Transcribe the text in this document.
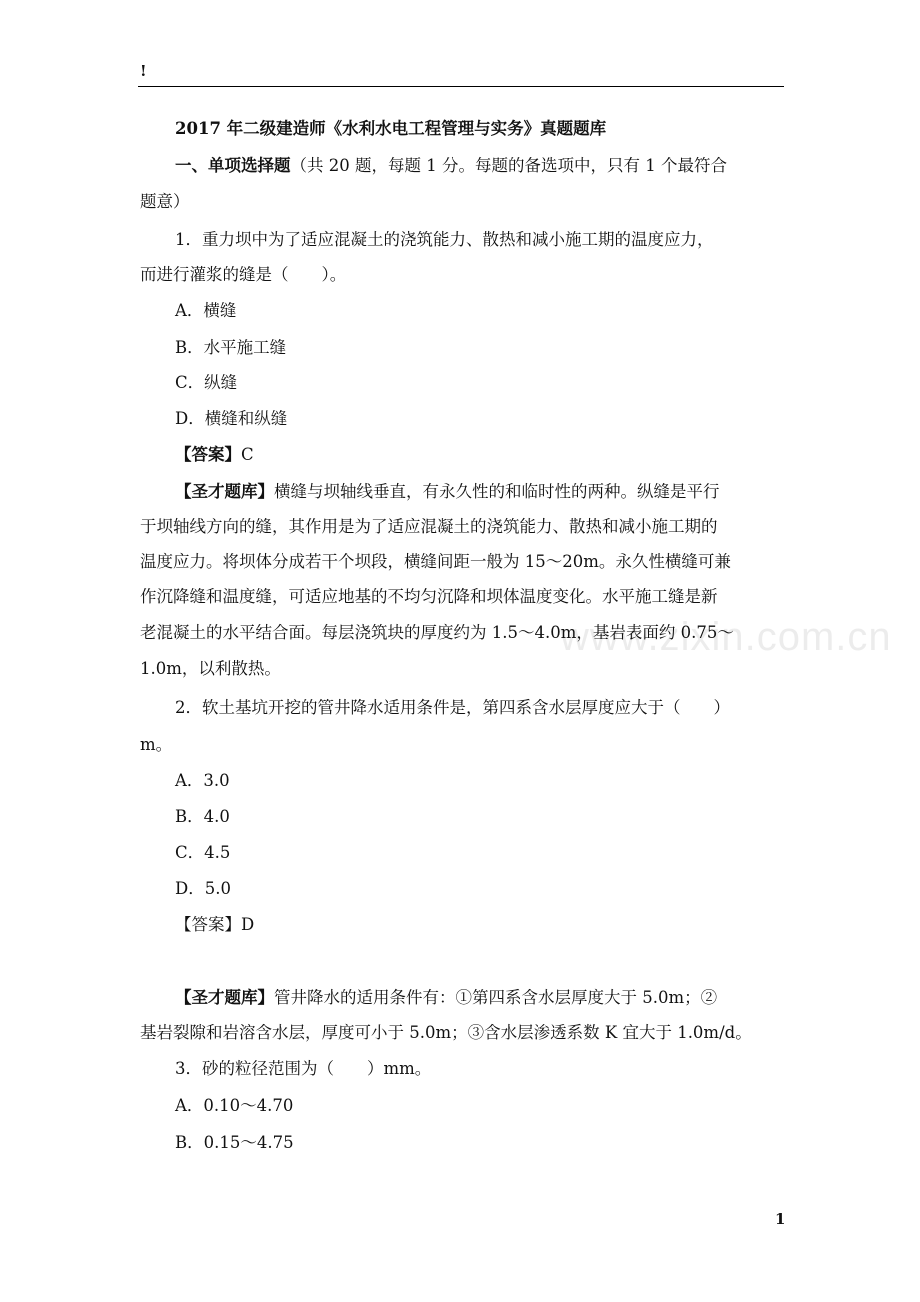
!
www.zixin.com.cn
2017 年二级建造师《水利水电工程管理与实务》真题题库
一、单项选择题（共 20 题，每题 1 分。每题的备选项中，只有 1 个最符合
题意）
1．重力坝中为了适应混凝土的浇筑能力、散热和减小施工期的温度应力，
而进行灌浆的缝是（　　）。
A．横缝
B．水平施工缝
C．纵缝
D．横缝和纵缝
【答案】C
【圣才题库】横缝与坝轴线垂直，有永久性的和临时性的两种。纵缝是平行
于坝轴线方向的缝，其作用是为了适应混凝土的浇筑能力、散热和减小施工期的
温度应力。将坝体分成若干个坝段，横缝间距一般为 15～20m。永久性横缝可兼
作沉降缝和温度缝，可适应地基的不均匀沉降和坝体温度变化。水平施工缝是新
老混凝土的水平结合面。每层浇筑块的厚度约为 1.5～4.0m，基岩表面约 0.75～
1.0m，以利散热。
2．软土基坑开挖的管井降水适用条件是，第四系含水层厚度应大于（　　）
m。
A．3.0
B．4.0
C．4.5
D．5.0
【答案】D
【圣才题库】管井降水的适用条件有：①第四系含水层厚度大于 5.0m；②
基岩裂隙和岩溶含水层，厚度可小于 5.0m；③含水层渗透系数 K 宜大于 1.0m/d。
3．砂的粒径范围为（　　）mm。
A．0.10～4.70
B．0.15～4.75
1
